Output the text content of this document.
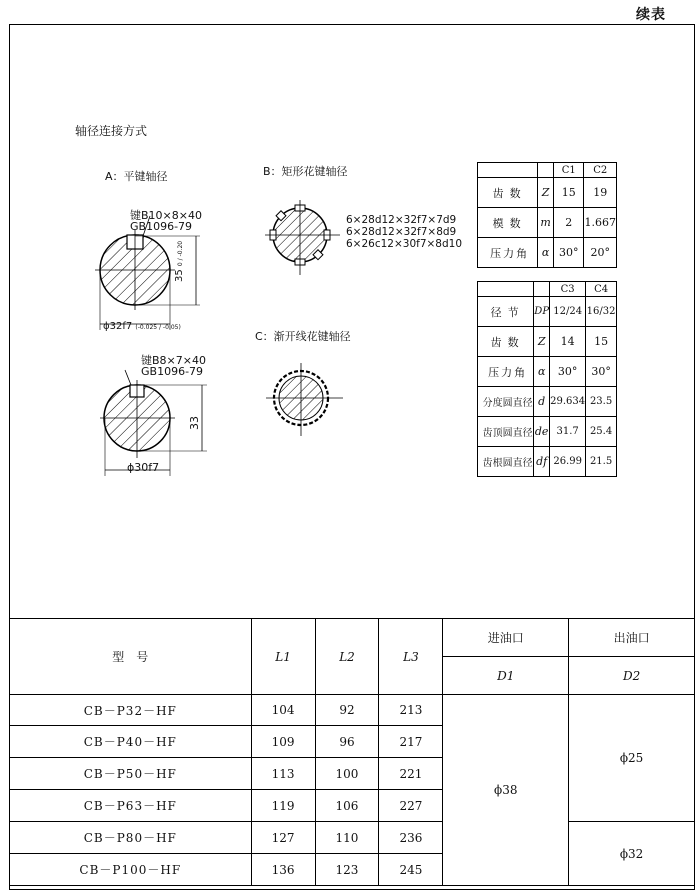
续表
轴径连接方式
A：平键轴径
键B10×8×40
GB1096-79
35 0 / -0.20
ϕ32f7 (-0.025 / -0.05)
B：矩形花键轴径
6×28d12×32f7×7d9
6×28d12×32f7×8d9
6×26c12×30f7×8d10
C：渐开线花键轴径
键B8×7×40
GB1096-79
33
ϕ30f7
		C1	C2
齿数	Z	15	19
模数	m	2	1.667
压力角	α	30°	20°
		C3	C4
径节	DP	12/24	16/32
齿数	Z	14	15
压力角	α	30°	30°
分度圆直径	d	29.634	23.5
齿顶圆直径	de	31.7	25.4
齿根圆直径	df	26.99	21.5
型　号	L1	L2	L3	进油口	出油口
				D1	D2
CB－P32－HF	104	92	213	ϕ38	ϕ25
CB－P40－HF	109	96	217		
CB－P50－HF	113	100	221		
CB－P63－HF	119	106	227		
CB－P80－HF	127	110	236		ϕ32
CB－P100－HF	136	123	245		
